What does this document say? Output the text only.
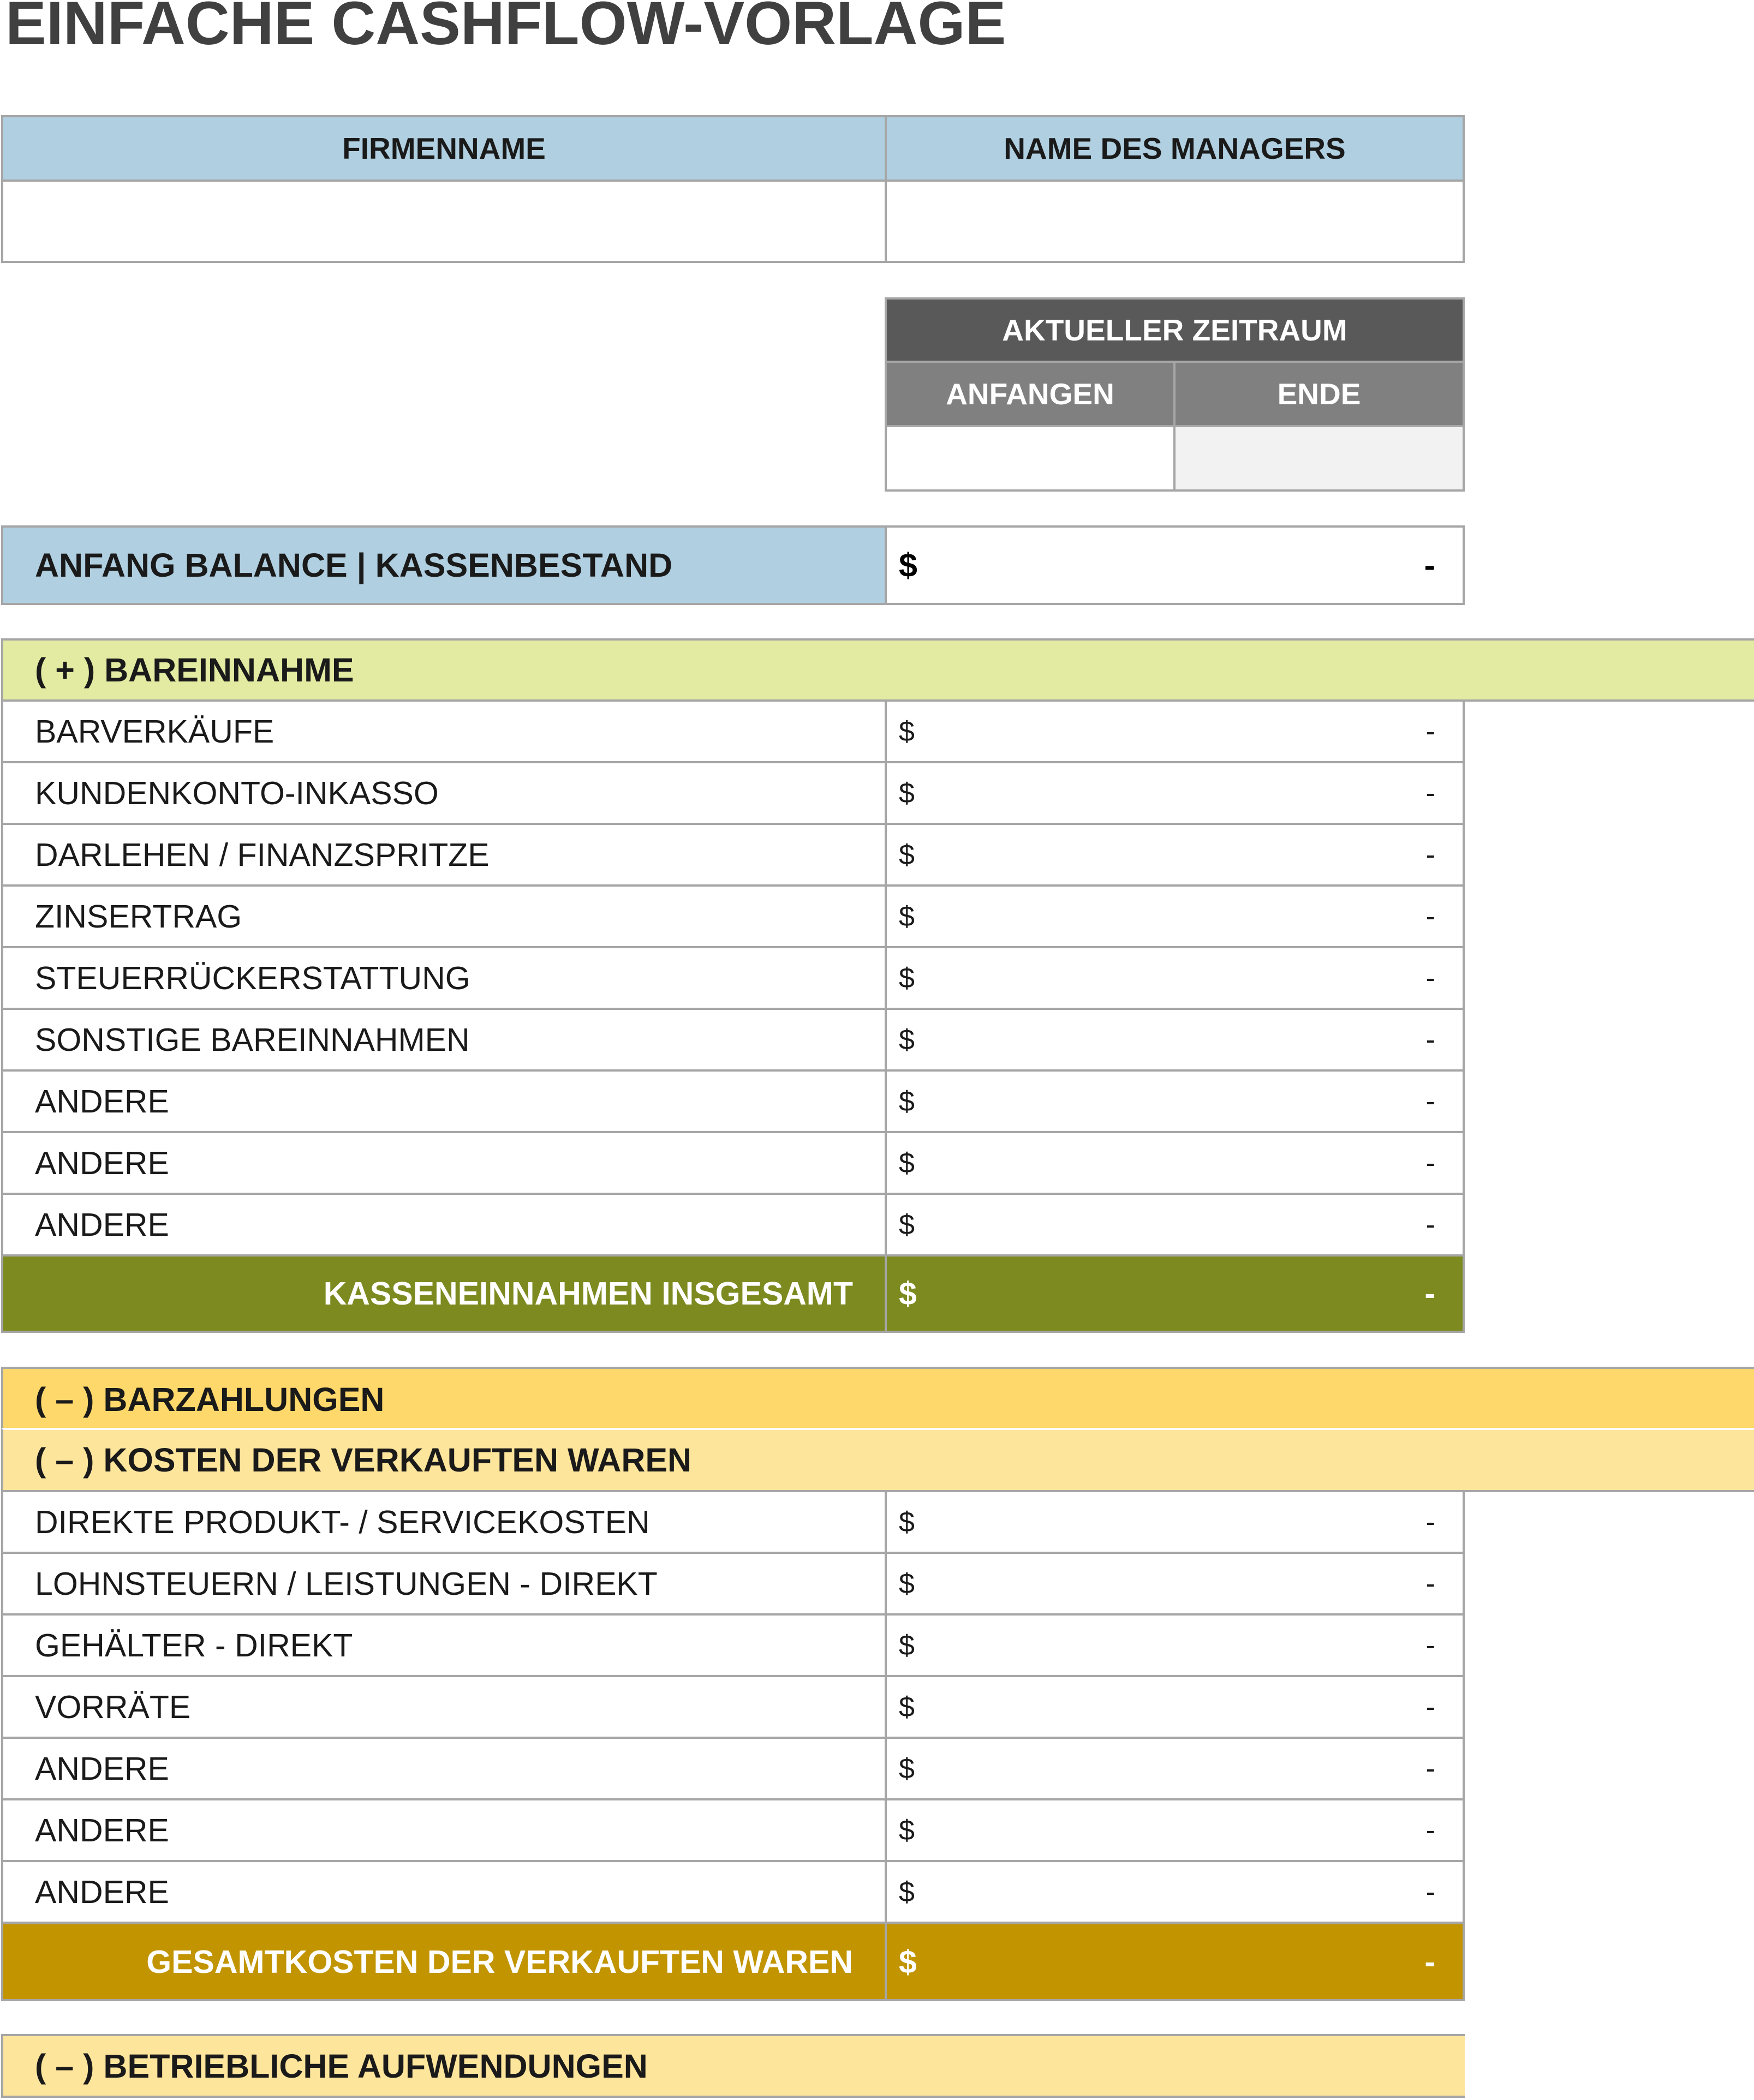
EINFACHE CASHFLOW-VORLAGE
FIRMENNAME	NAME DES MANAGERS
AKTUELLER ZEITRAUM
ANFANGEN	ENDE
ANFANG BALANCE | KASSENBESTAND	$	-
( + ) BAREINNAHME
BARVERKÄUFE	$	-
KUNDENKONTO-INKASSO	$	-
DARLEHEN / FINANZSPRITZE	$	-
ZINSERTRAG	$	-
STEUERRÜCKERSTATTUNG	$	-
SONSTIGE BAREINNAHMEN	$	-
ANDERE	$	-
ANDERE	$	-
ANDERE	$	-
KASSENEINNAHMEN INSGESAMT $	-
( – ) BARZAHLUNGEN
( – ) KOSTEN DER VERKAUFTEN WAREN
DIREKTE PRODUKT- / SERVICEKOSTEN	$	-
LOHNSTEUERN / LEISTUNGEN - DIREKT	$	-
GEHÄLTER - DIREKT	$	-
VORRÄTE	$	-
ANDERE	$	-
ANDERE	$	-
ANDERE	$	-
GESAMTKOSTEN DER VERKAUFTEN WAREN $	-
( – ) BETRIEBLICHE AUFWENDUNGEN
